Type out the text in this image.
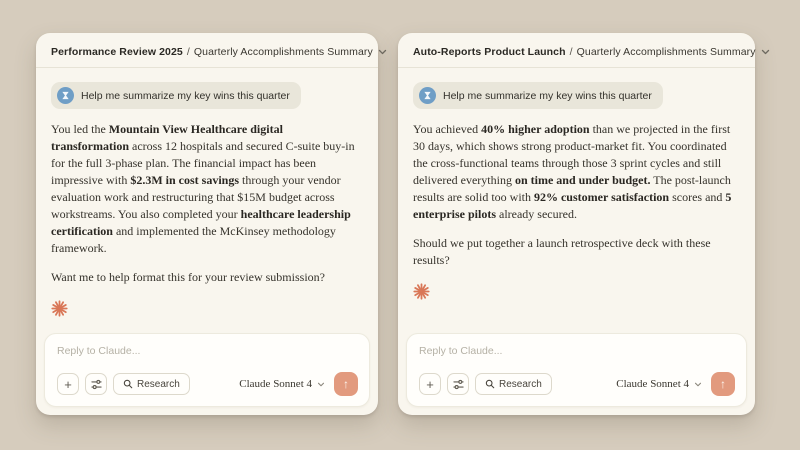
Performance Review 2025 / Quarterly Accomplishments Summary
Help me summarize my key wins this quarter

You led the Mountain View Healthcare digital transformation across 12 hospitals and secured C-suite buy-in for the full 3-phase plan. The financial impact has been impressive with $2.3M in cost savings through your vendor evaluation work and restructuring that $15M budget across workstreams. You also completed your healthcare leadership certification and implemented the McKinsey methodology framework.

Want me to help format this for your review submission?

Reply to Claude...
+	Research	Claude Sonnet 4	↑
Auto-Reports Product Launch / Quarterly Accomplishments Summary
Help me summarize my key wins this quarter

You achieved 40% higher adoption than we projected in the first 30 days, which shows strong product-market fit. You coordinated the cross-functional teams through those 3 sprint cycles and still delivered everything on time and under budget. The post-launch results are solid too with 92% customer satisfaction scores and 5 enterprise pilots already secured.

Should we put together a launch retrospective deck with these results?

Reply to Claude...
+	Research	Claude Sonnet 4	↑
